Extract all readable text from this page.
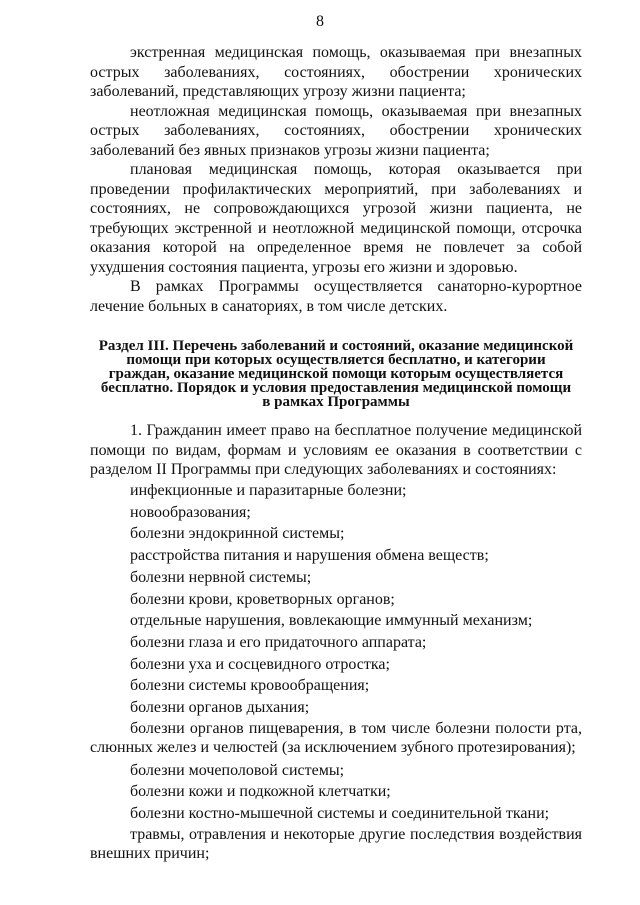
8

экстренная медицинская помощь, оказываемая при внезапных острых заболеваниях, состояниях, обострении хронических заболеваний, представляющих угрозу жизни пациента;

неотложная медицинская помощь, оказываемая при внезапных острых заболеваниях, состояниях, обострении хронических заболеваний без явных признаков угрозы жизни пациента;

плановая медицинская помощь, которая оказывается при проведении профилактических мероприятий, при заболеваниях и состояниях, не сопровождающихся угрозой жизни пациента, не требующих экстренной и неотложной медицинской помощи, отсрочка оказания которой на определенное время не повлечет за собой ухудшения состояния пациента, угрозы его жизни и здоровью.

В рамках Программы осуществляется санаторно-курортное лечение больных в санаториях, в том числе детских.

Раздел III. Перечень заболеваний и состояний, оказание медицинской помощи при которых осуществляется бесплатно, и категории граждан, оказание медицинской помощи которым осуществляется бесплатно. Порядок и условия предоставления медицинской помощи в рамках Программы

1. Гражданин имеет право на бесплатное получение медицинской помощи по видам, формам и условиям ее оказания в соответствии с разделом II Программы при следующих заболеваниях и состояниях:

инфекционные и паразитарные болезни;
новообразования;
болезни эндокринной системы;
расстройства питания и нарушения обмена веществ;
болезни нервной системы;
болезни крови, кроветворных органов;
отдельные нарушения, вовлекающие иммунный механизм;
болезни глаза и его придаточного аппарата;
болезни уха и сосцевидного отростка;
болезни системы кровообращения;
болезни органов дыхания;
болезни органов пищеварения, в том числе болезни полости рта, слюнных желез и челюстей (за исключением зубного протезирования);
болезни мочеполовой системы;
болезни кожи и подкожной клетчатки;
болезни костно-мышечной системы и соединительной ткани;
травмы, отравления и некоторые другие последствия воздействия внешних причин;
